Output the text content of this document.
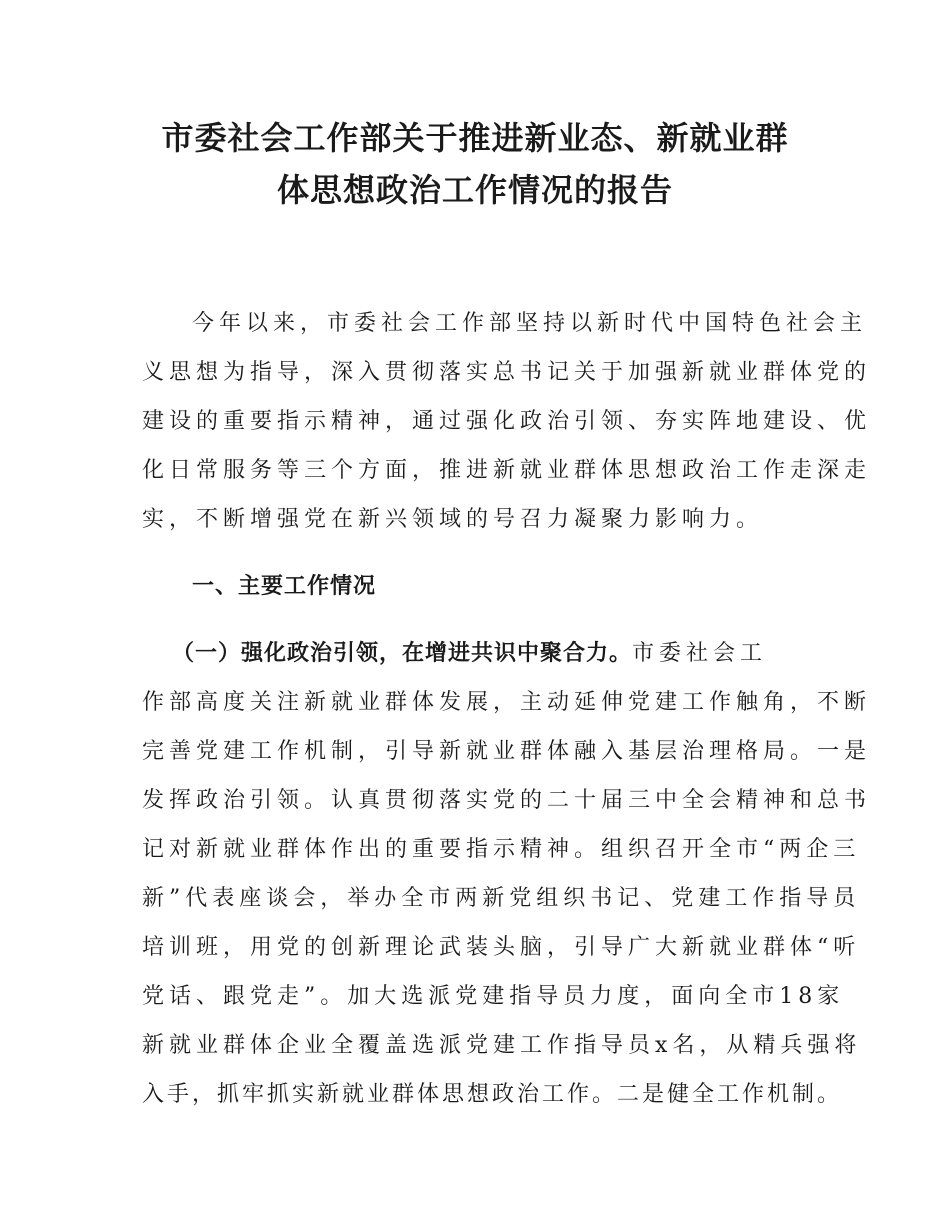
市委社会工作部关于推进新业态、新就业群
体思想政治工作情况的报告
今年以来，市委社会工作部坚持以新时代中国特色社会主
义思想为指导，深入贯彻落实总书记关于加强新就业群体党的
建设的重要指示精神，通过强化政治引领、夯实阵地建设、优
化日常服务等三个方面，推进新就业群体思想政治工作走深走
实，不断增强党在新兴领域的号召力凝聚力影响力。
一、主要工作情况
（一）强化政治引领，在增进共识中聚合力。市委社会工
作部高度关注新就业群体发展，主动延伸党建工作触角，不断
完善党建工作机制，引导新就业群体融入基层治理格局。一是
发挥政治引领。认真贯彻落实党的二十届三中全会精神和总书
记对新就业群体作出的重要指示精神。组织召开全市“两企三
新”代表座谈会，举办全市两新党组织书记、党建工作指导员
培训班，用党的创新理论武装头脑，引导广大新就业群体“听
党话、跟党走”。加大选派党建指导员力度，面向全市18家
新就业群体企业全覆盖选派党建工作指导员x名，从精兵强将
入手，抓牢抓实新就业群体思想政治工作。二是健全工作机制。
